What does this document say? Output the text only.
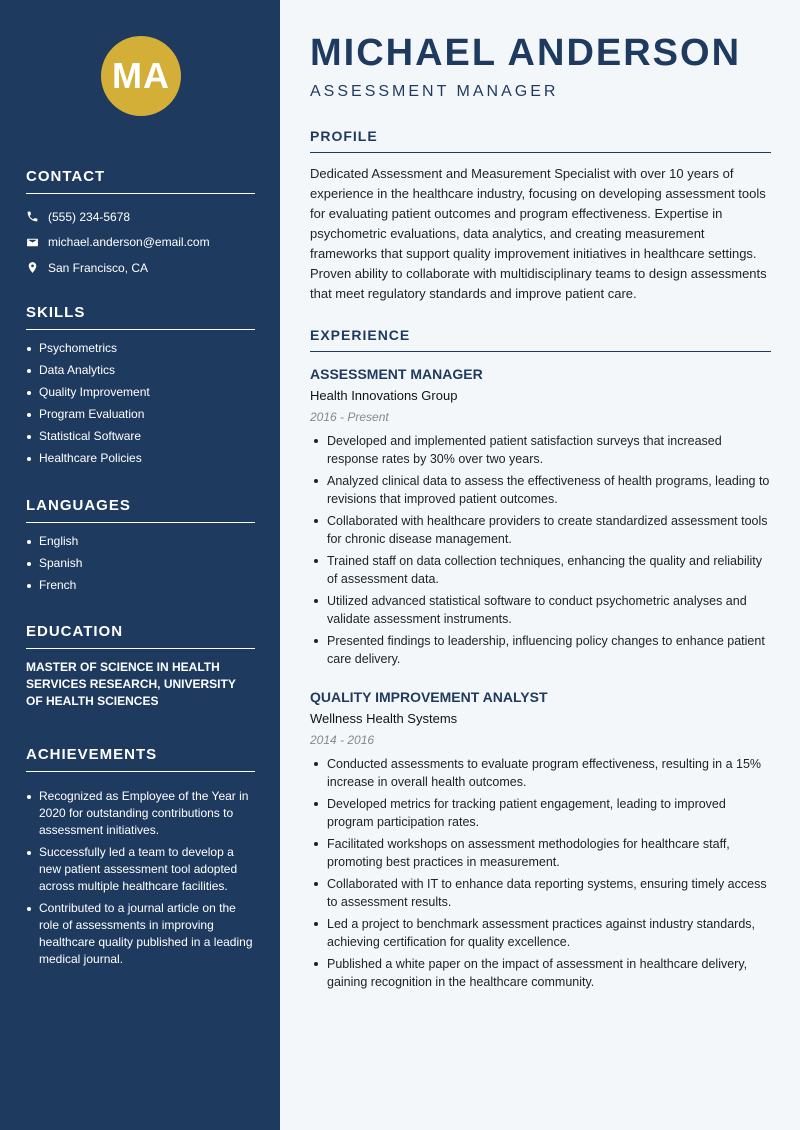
MA
CONTACT
(555) 234-5678
michael.anderson@email.com
San Francisco, CA
SKILLS
Psychometrics
Data Analytics
Quality Improvement
Program Evaluation
Statistical Software
Healthcare Policies
LANGUAGES
English
Spanish
French
EDUCATION
MASTER OF SCIENCE IN HEALTH SERVICES RESEARCH, UNIVERSITY OF HEALTH SCIENCES
ACHIEVEMENTS
Recognized as Employee of the Year in 2020 for outstanding contributions to assessment initiatives.
Successfully led a team to develop a new patient assessment tool adopted across multiple healthcare facilities.
Contributed to a journal article on the role of assessments in improving healthcare quality published in a leading medical journal.
MICHAEL ANDERSON
ASSESSMENT MANAGER
PROFILE

Dedicated Assessment and Measurement Specialist with over 10 years of experience in the healthcare industry, focusing on developing assessment tools for evaluating patient outcomes and program effectiveness. Expertise in psychometric evaluations, data analytics, and creating measurement frameworks that support quality improvement initiatives in healthcare settings. Proven ability to collaborate with multidisciplinary teams to design assessments that meet regulatory standards and improve patient care.

EXPERIENCE
ASSESSMENT MANAGER
Health Innovations Group
2016 - Present
Developed and implemented patient satisfaction surveys that increased response rates by 30% over two years.
Analyzed clinical data to assess the effectiveness of health programs, leading to revisions that improved patient outcomes.
Collaborated with healthcare providers to create standardized assessment tools for chronic disease management.
Trained staff on data collection techniques, enhancing the quality and reliability of assessment data.
Utilized advanced statistical software to conduct psychometric analyses and validate assessment instruments.
Presented findings to leadership, influencing policy changes to enhance patient care delivery.
QUALITY IMPROVEMENT ANALYST
Wellness Health Systems
2014 - 2016
Conducted assessments to evaluate program effectiveness, resulting in a 15% increase in overall health outcomes.
Developed metrics for tracking patient engagement, leading to improved program participation rates.
Facilitated workshops on assessment methodologies for healthcare staff, promoting best practices in measurement.
Collaborated with IT to enhance data reporting systems, ensuring timely access to assessment results.
Led a project to benchmark assessment practices against industry standards, achieving certification for quality excellence.
Published a white paper on the impact of assessment in healthcare delivery, gaining recognition in the healthcare community.
